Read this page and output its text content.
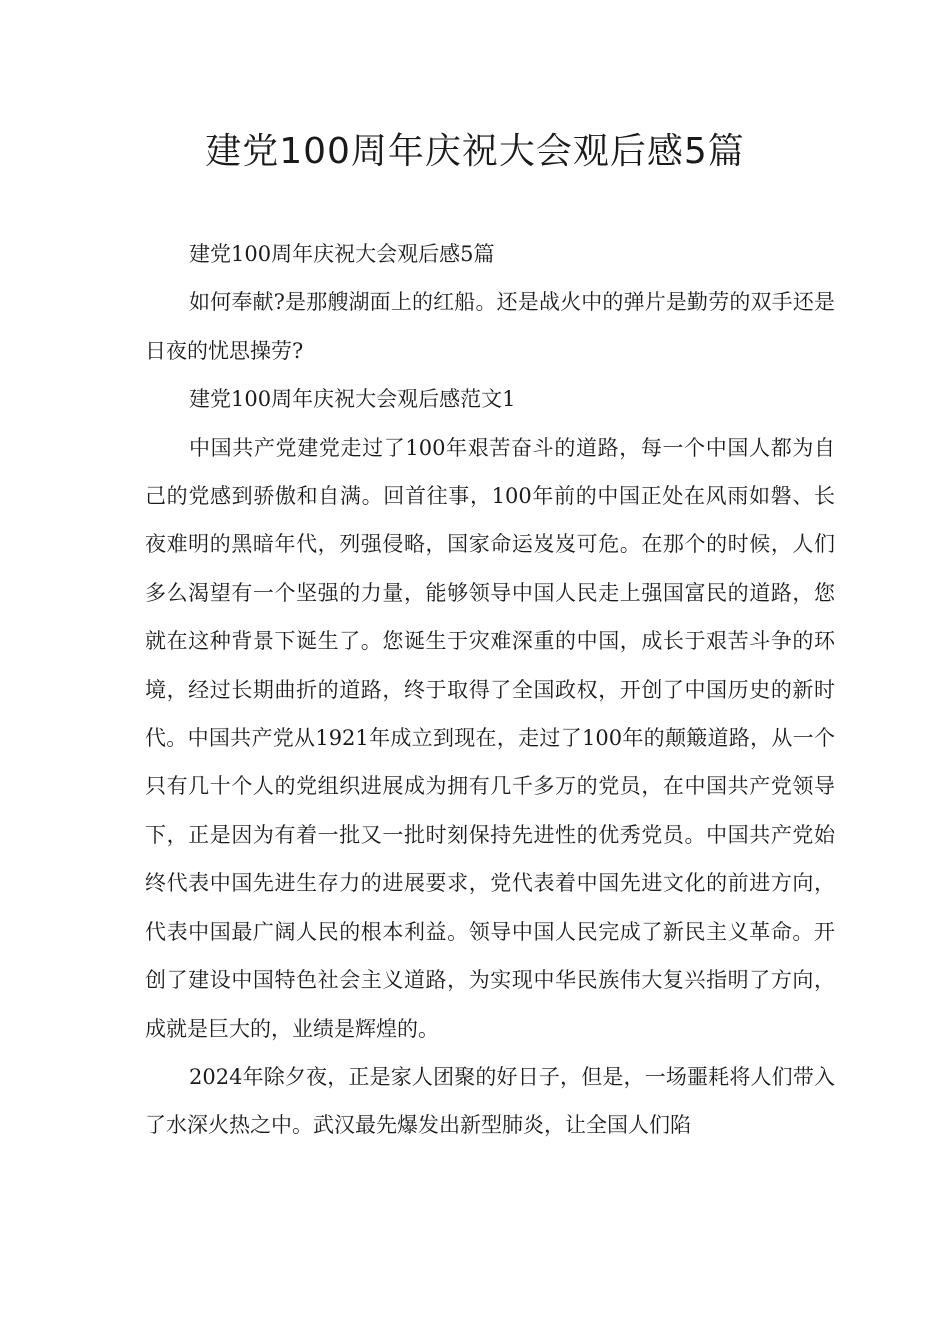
建党100周年庆祝大会观后感5篇

建党100周年庆祝大会观后感5篇

如何奉献?是那艘湖面上的红船。还是战火中的弹片是勤劳的双手还是日夜的忧思操劳?

建党100周年庆祝大会观后感范文1

中国共产党建党走过了100年艰苦奋斗的道路，每一个中国人都为自己的党感到骄傲和自满。回首往事，100年前的中国正处在风雨如磐、长夜难明的黑暗年代，列强侵略，国家命运岌岌可危。在那个的时候，人们多么渴望有一个坚强的力量，能够领导中国人民走上强国富民的道路，您就在这种背景下诞生了。您诞生于灾难深重的中国，成长于艰苦斗争的环境，经过长期曲折的道路，终于取得了全国政权，开创了中国历史的新时代。中国共产党从1921年成立到现在，走过了100年的颠簸道路，从一个只有几十个人的党组织进展成为拥有几千多万的党员，在中国共产党领导下，正是因为有着一批又一批时刻保持先进性的优秀党员。中国共产党始终代表中国先进生存力的进展要求，党代表着中国先进文化的前进方向，代表中国最广阔人民的根本利益。领导中国人民完成了新民主义革命。开创了建设中国特色社会主义道路，为实现中华民族伟大复兴指明了方向，成就是巨大的，业绩是辉煌的。

2024年除夕夜，正是家人团聚的好日子，但是，一场噩耗将人们带入了水深火热之中。武汉最先爆发出新型肺炎，让全国人们陷
